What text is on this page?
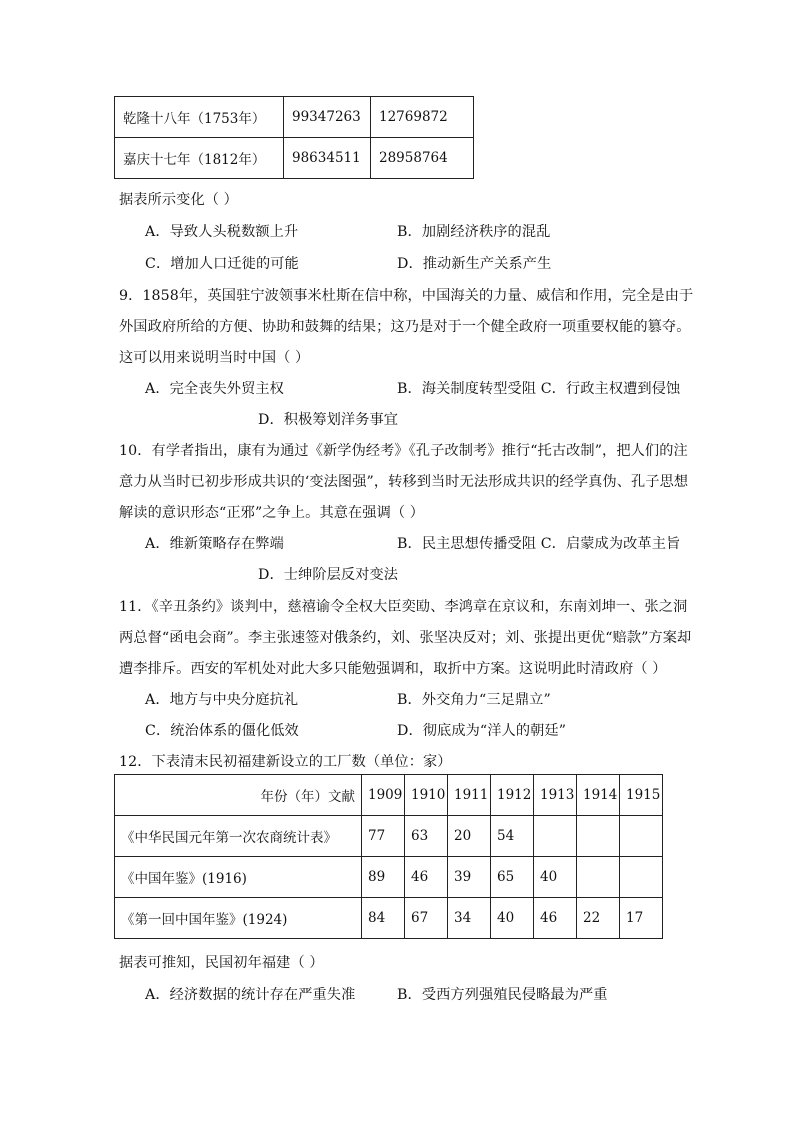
乾隆十八年（1753年）	99347263	12769872
嘉庆十七年（1812年）	98634511	28958764
据表所示变化（ ）
A．导致人头税数额上升	B．加剧经济秩序的混乱
C．增加人口迁徙的可能	D．推动新生产关系产生
9．1858年，英国驻宁波领事米杜斯在信中称，中国海关的力量、威信和作用，完全是由于
外国政府所给的方便、协助和鼓舞的结果；这乃是对于一个健全政府一项重要权能的篡夺。
这可以用来说明当时中国（ ）
A．完全丧失外贸主权	B．海关制度转型受阻 C．行政主权遭到侵蚀
D．积极筹划洋务事宜
10．有学者指出，康有为通过《新学伪经考》《孔子改制考》推行“托古改制”，把人们的注
意力从当时已初步形成共识的‘变法图强”，转移到当时无法形成共识的经学真伪、孔子思想
解读的意识形态“正邪”之争上。其意在强调（ ）
A．维新策略存在弊端	B．民主思想传播受阻 C．启蒙成为改革主旨
D．士绅阶层反对变法
11．《辛丑条约》谈判中，慈禧谕令全权大臣奕劻、李鸿章在京议和，东南刘坤一、张之洞
两总督“函电会商”。李主张速签对俄条约，刘、张坚决反对；刘、张提出更优“赔款”方案却
遭李排斥。西安的军机处对此大多只能勉强调和，取折中方案。这说明此时清政府（ ）
A．地方与中央分庭抗礼	B．外交角力“三足鼎立”
C．统治体系的僵化低效	D．彻底成为“洋人的朝廷”
12．下表清末民初福建新设立的工厂数（单位：家）
年份（年）文献	1909	1910	1911	1912	1913	1914	1915
《中华民国元年第一次农商统计表》	77	63	20	54			
《中国年鉴》(1916)	89	46	39	65	40		
《第一回中国年鉴》(1924)	84	67	34	40	46	22	17
据表可推知，民国初年福建（ ）
A．经济数据的统计存在严重失准	B．受西方列强殖民侵略最为严重
